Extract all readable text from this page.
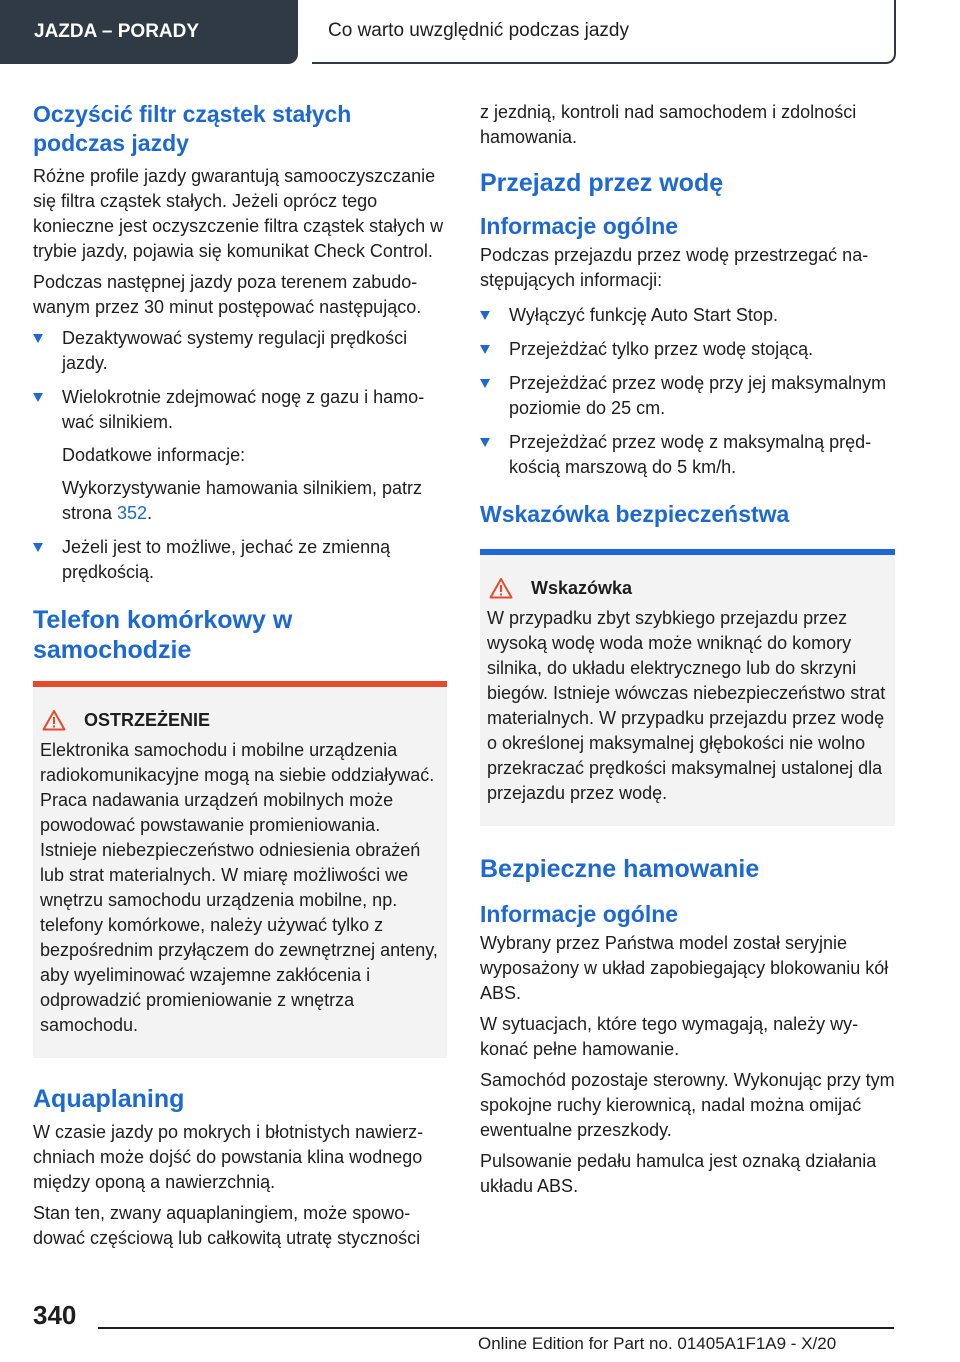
JAZDA – PORADY	Co warto uwzględnić podczas jazdy
Oczyścić filtr cząstek stałych podczas jazdy

Różne profile jazdy gwarantują samooczyszczanie się filtra cząstek stałych. Jeżeli oprócz tego konieczne jest oczyszczenie filtra cząstek stałych w trybie jazdy, pojawia się komunikat Check Control.

Podczas następnej jazdy poza terenem zabudowanym przez 30 minut postępować następująco.

Dezaktywować systemy regulacji prędkości jazdy.
Wielokrotnie zdejmować nogę z gazu i hamować silnikiem.
Dodatkowe informacje:
Wykorzystywanie hamowania silnikiem, patrz strona 352.
Jeżeli jest to możliwe, jechać ze zmienną prędkością.
Telefon komórkowy w samochodzie
OSTRZEŻENIE

Elektronika samochodu i mobilne urządzenia radiokomunikacyjne mogą na siebie oddziaływać. Praca nadawania urządzeń mobilnych może powodować powstawanie promieniowania. Istnieje niebezpieczeństwo odniesienia obrażeń lub strat materialnych. W miarę możliwości we wnętrzu samochodu urządzenia mobilne, np. telefony komórkowe, należy używać tylko z bezpośrednim przyłączem do zewnętrznej anteny, aby wyeliminować wzajemne zakłócenia i odprowadzić promieniowanie z wnętrza samochodu.

Aquaplaning

W czasie jazdy po mokrych i błotnistych nawierzchniach może dojść do powstania klina wodnego między oponą a nawierzchnią.

Stan ten, zwany aquaplaningiem, może spowodować częściową lub całkowitą utratę styczności

z jezdnią, kontroli nad samochodem i zdolności hamowania.

Przejazd przez wodę
Informacje ogólne

Podczas przejazdu przez wodę przestrzegać następujących informacji:

Wyłączyć funkcję Auto Start Stop.
Przejeżdżać tylko przez wodę stojącą.
Przejeżdżać przez wodę przy jej maksymalnym poziomie do 25 cm.
Przejeżdżać przez wodę z maksymalną prędkością marszową do 5 km/h.
Wskazówka bezpieczeństwa
Wskazówka

W przypadku zbyt szybkiego przejazdu przez wysoką wodę woda może wniknąć do komory silnika, do układu elektrycznego lub do skrzyni biegów. Istnieje wówczas niebezpieczeństwo strat materialnych. W przypadku przejazdu przez wodę o określonej maksymalnej głębokości nie wolno przekraczać prędkości maksymalnej ustalonej dla przejazdu przez wodę.

Bezpieczne hamowanie
Informacje ogólne

Wybrany przez Państwa model został seryjnie wyposażony w układ zapobiegający blokowaniu kół ABS.

W sytuacjach, które tego wymagają, należy wykonać pełne hamowanie.

Samochód pozostaje sterowny. Wykonując przy tym spokojne ruchy kierownicą, nadal można omijać ewentualne przeszkody.

Pulsowanie pedału hamulca jest oznaką działania układu ABS.

340
Online Edition for Part no. 01405A1F1A9 - X/20
